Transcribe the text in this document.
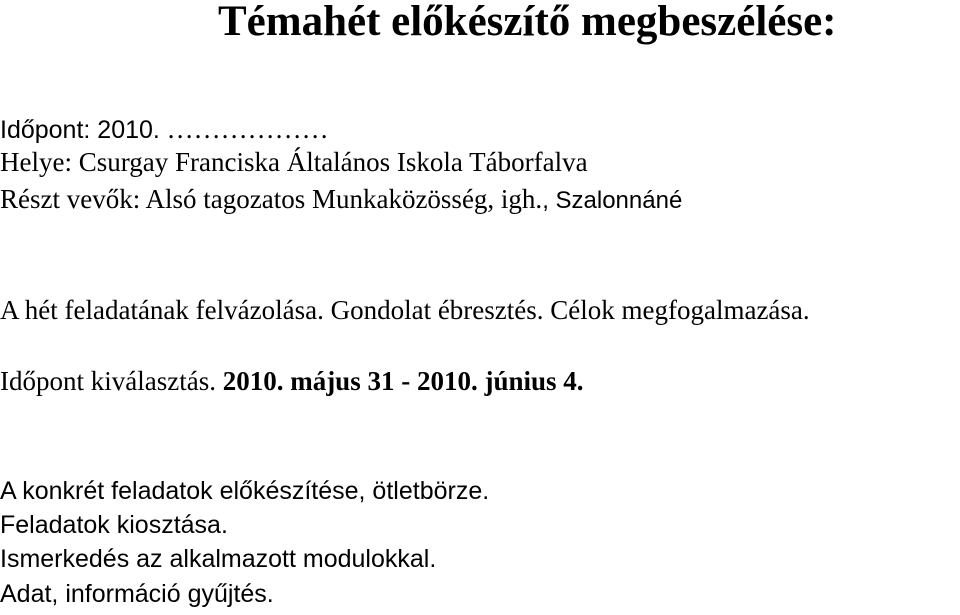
Témahét előkészítő megbeszélése:

Időpont: 2010. ………………

Helye: Csurgay Franciska Általános Iskola Táborfalva

Részt vevők: Alsó tagozatos Munkaközösség, igh., Szalonnáné

A hét feladatának felvázolása. Gondolat ébresztés. Célok megfogalmazása.

Időpont kiválasztás. 2010. május 31 - 2010. június 4.

A konkrét feladatok előkészítése, ötletbörze.

Feladatok kiosztása.

Ismerkedés az alkalmazott modulokkal.

Adat, információ gyűjtés.
